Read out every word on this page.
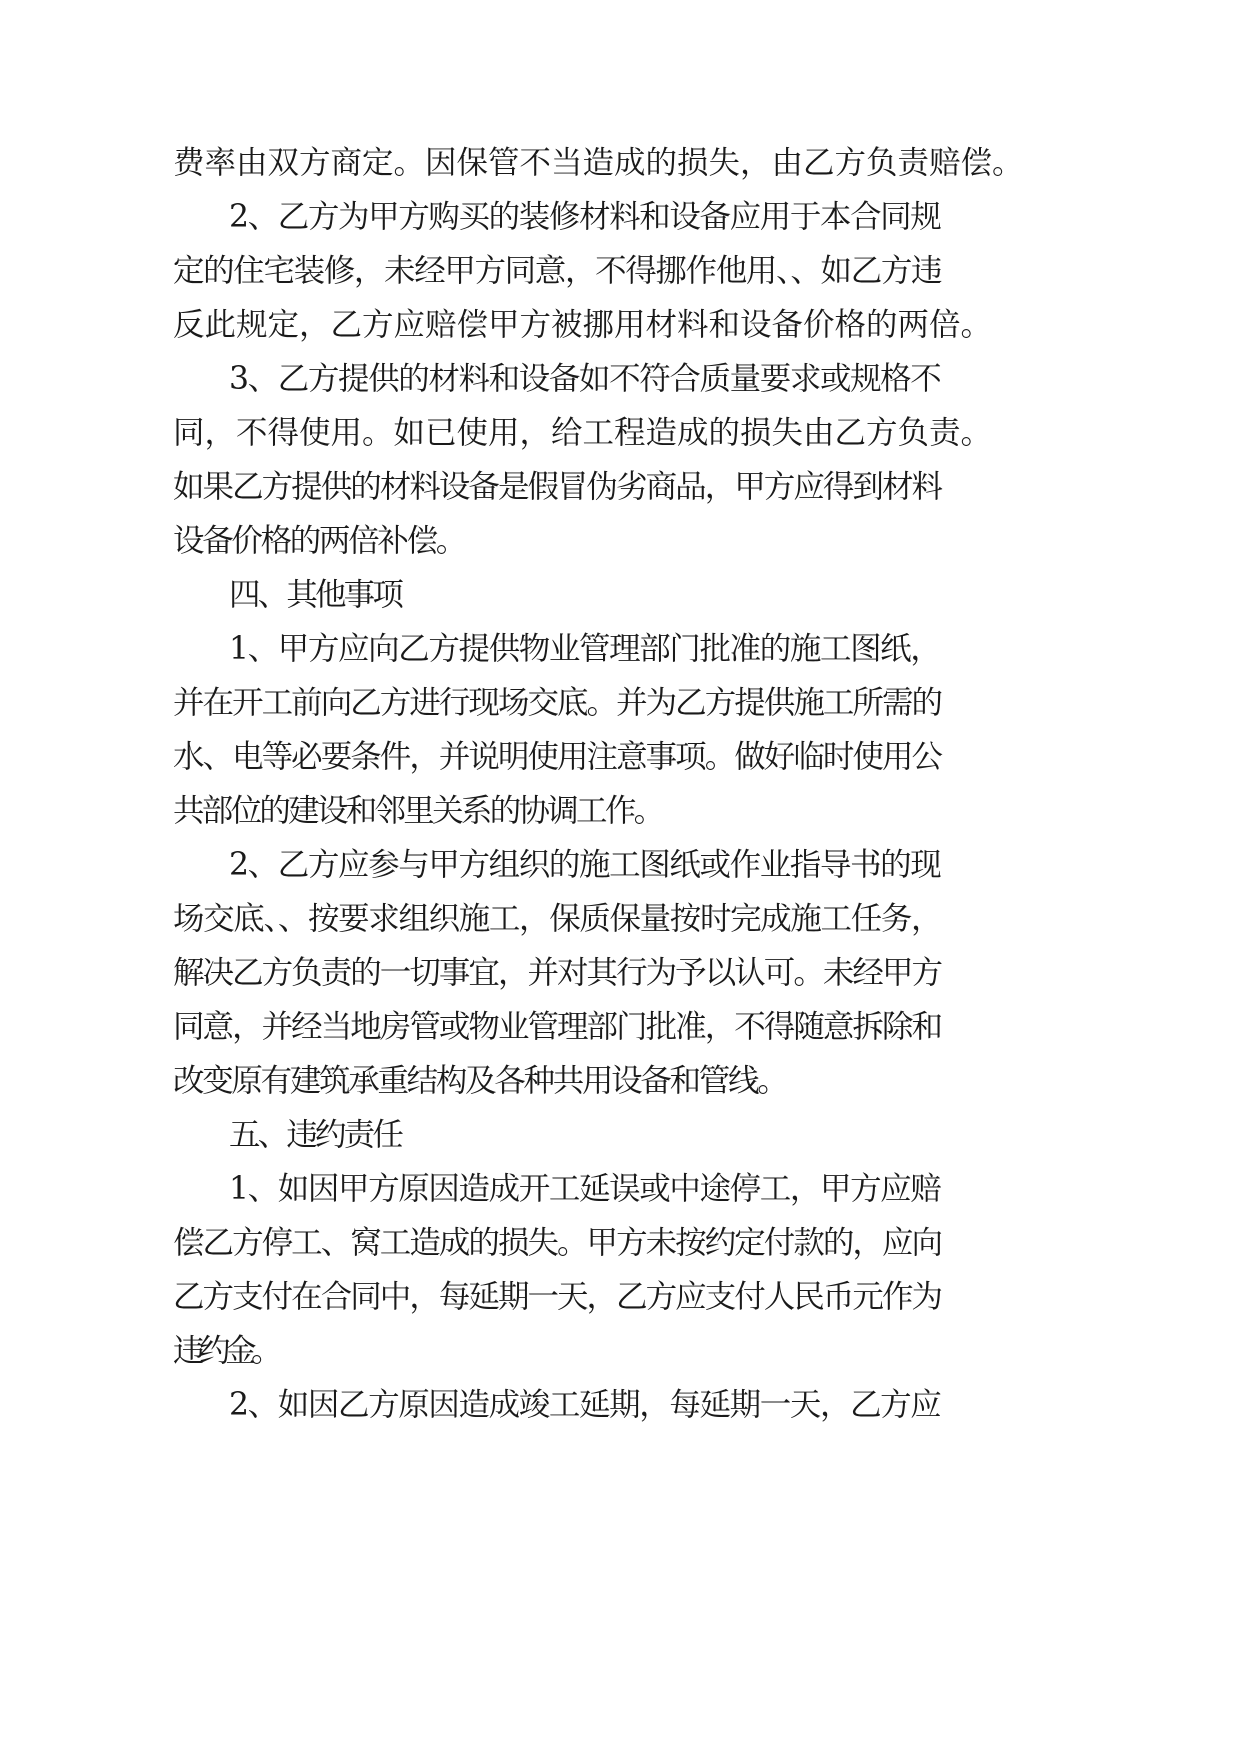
费率由双方商定。因保管不当造成的损失，由乙方负责赔偿。

2、乙方为甲方购买的装修材料和设备应用于本合同规

定的住宅装修，未经甲方同意，不得挪作他用、、如乙方违

反此规定，乙方应赔偿甲方被挪用材料和设备价格的两倍。

3、乙方提供的材料和设备如不符合质量要求或规格不

同，不得使用。如已使用，给工程造成的损失由乙方负责。

如果乙方提供的材料设备是假冒伪劣商品，甲方应得到材料

设备价格的两倍补偿。

四、其他事项

1、甲方应向乙方提供物业管理部门批准的施工图纸，

并在开工前向乙方进行现场交底。并为乙方提供施工所需的

水、电等必要条件，并说明使用注意事项。做好临时使用公

共部位的建设和邻里关系的协调工作。

2、乙方应参与甲方组织的施工图纸或作业指导书的现

场交底、、按要求组织施工，保质保量按时完成施工任务，

解决乙方负责的一切事宜，并对其行为予以认可。未经甲方

同意，并经当地房管或物业管理部门批准，不得随意拆除和

改变原有建筑承重结构及各种共用设备和管线。

五、违约责任

1、如因甲方原因造成开工延误或中途停工，甲方应赔

偿乙方停工、窝工造成的损失。甲方未按约定付款的，应向

乙方支付在合同中，每延期一天，乙方应支付人民币元作为

违约金。

2、如因乙方原因造成竣工延期，每延期一天，乙方应
